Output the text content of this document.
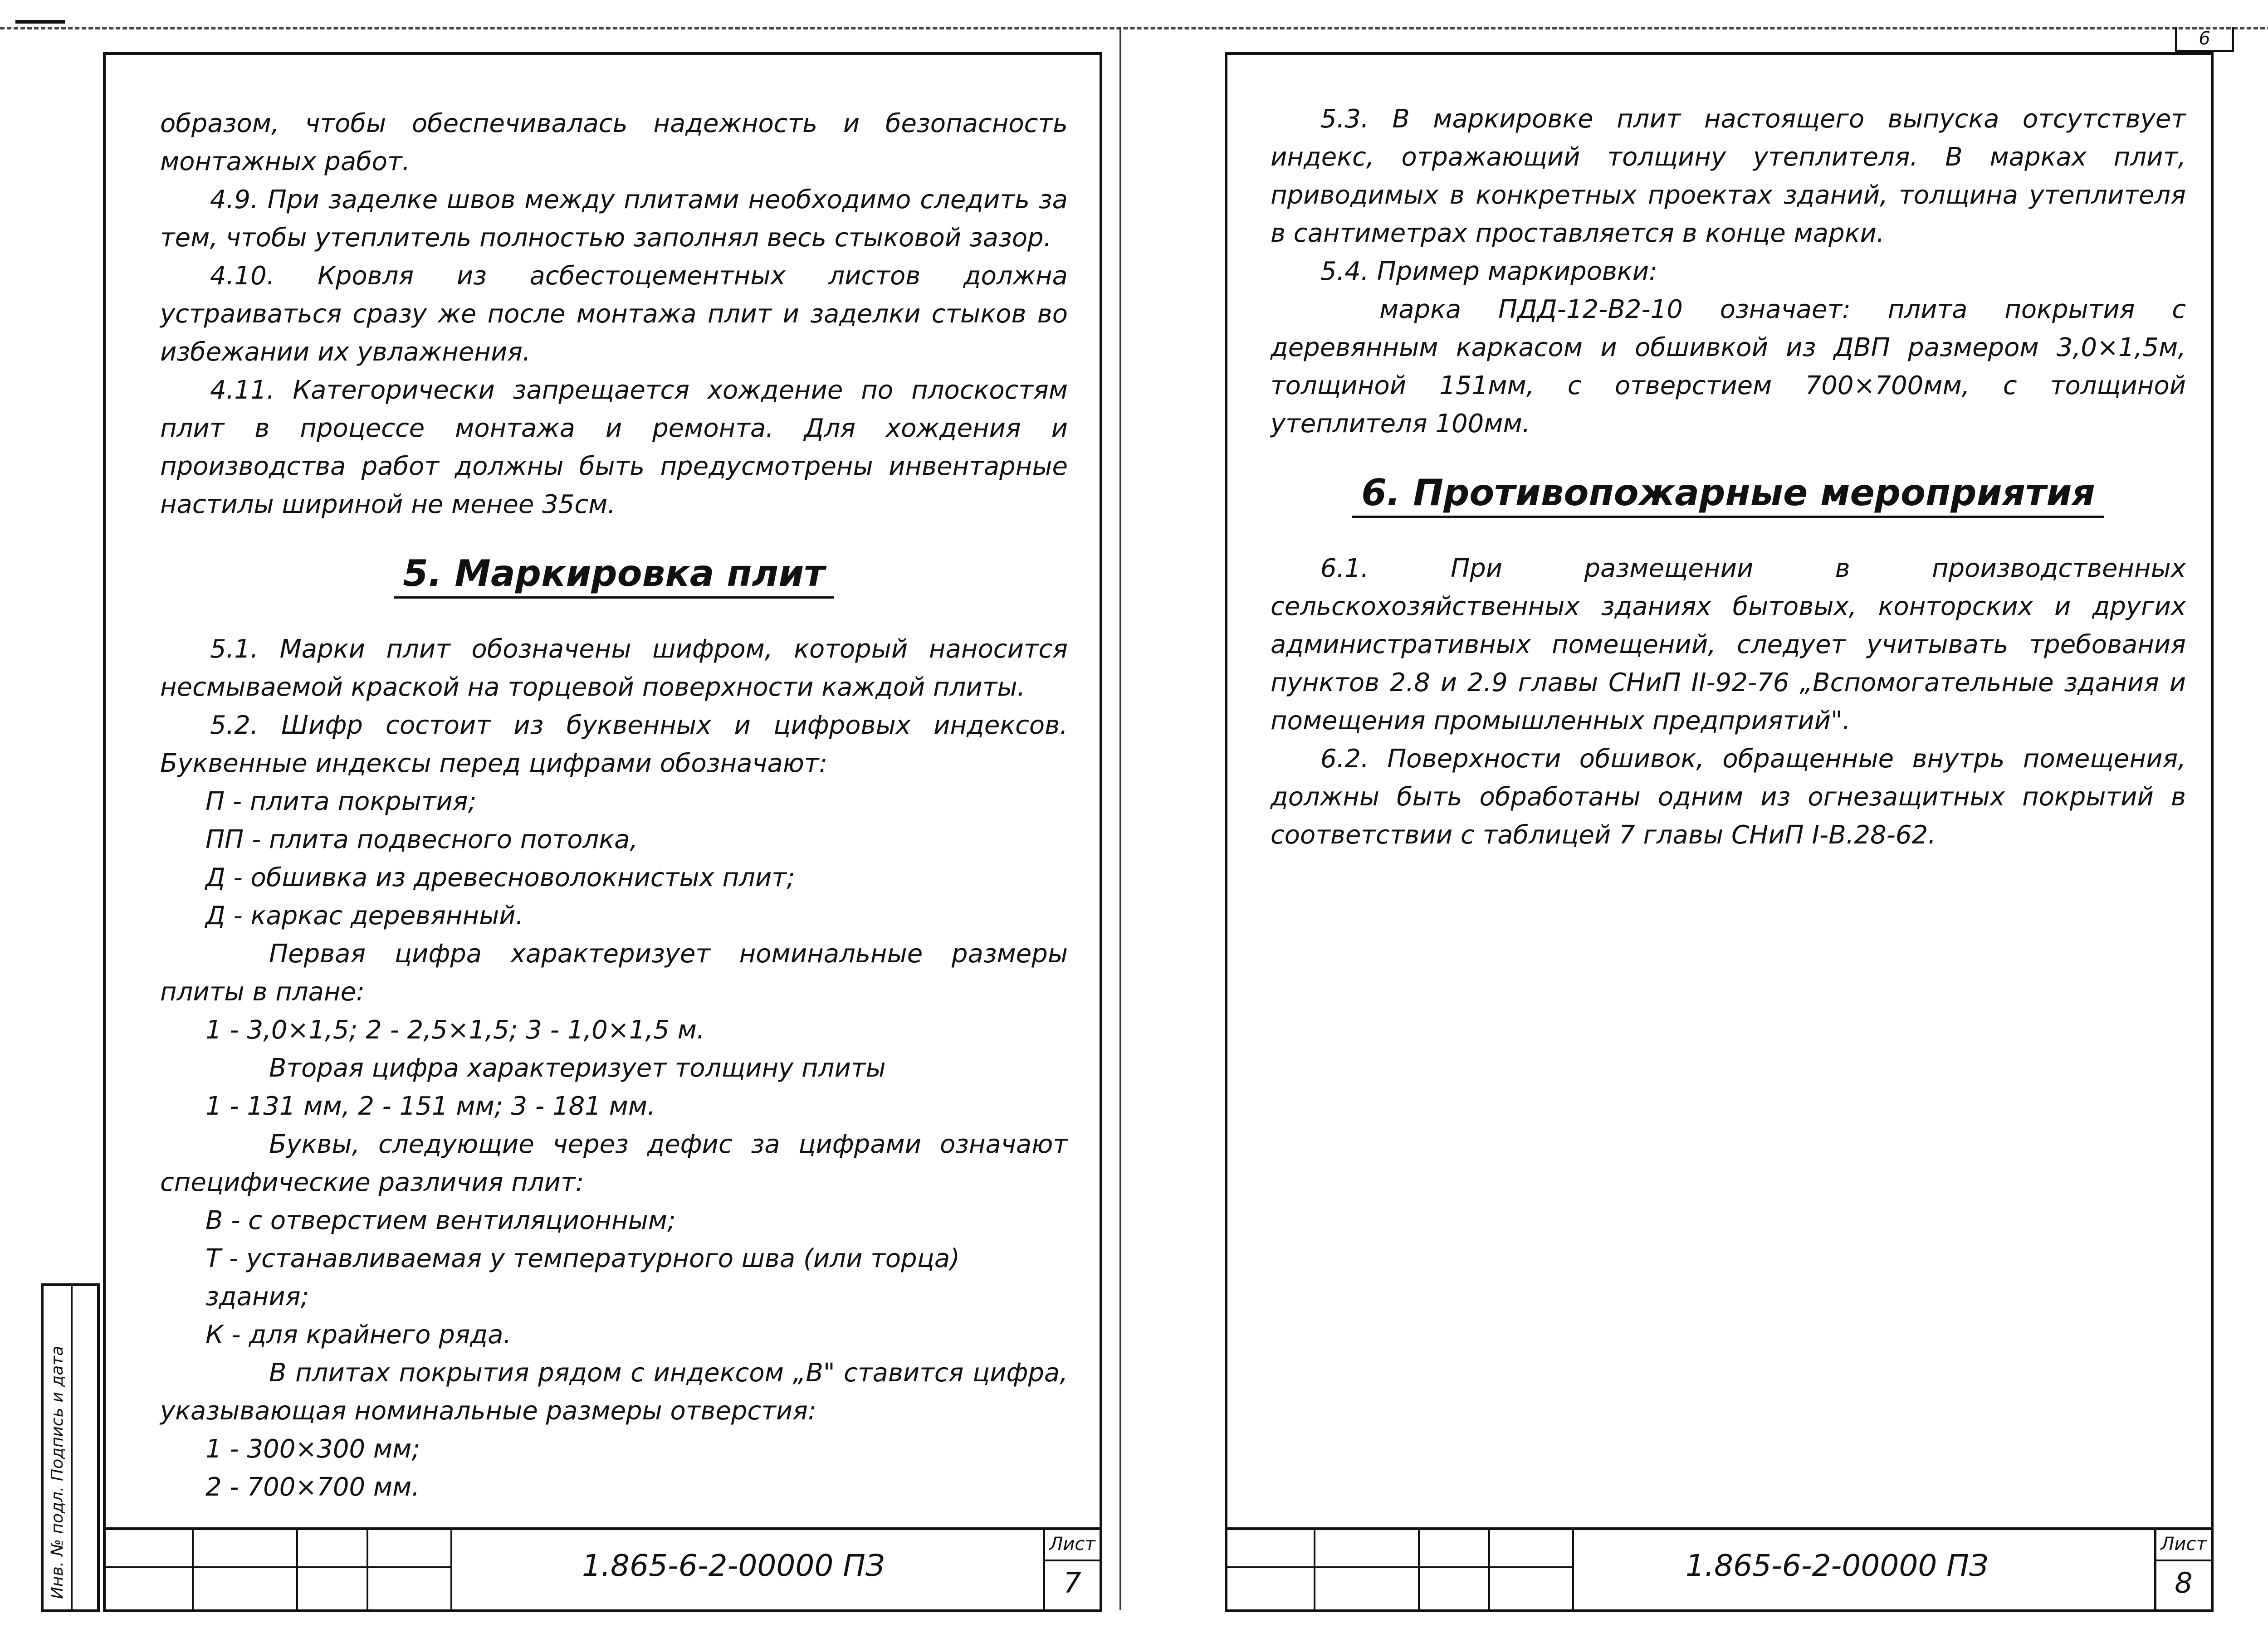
6

образом, чтобы обеспечивалась надежность и безопасность монтажных работ.

4.9. При заделке швов между плитами необходимо следить за тем, чтобы утеплитель полностью заполнял весь стыковой зазор.

4.10. Кровля из асбестоцементных листов должна устраиваться сразу же после монтажа плит и заделки стыков во избежании их увлажнения.

4.11. Категорически запрещается хождение по плоскостям плит в процессе монтажа и ремонта. Для хождения и производства работ должны быть предусмотрены инвентарные настилы шириной не менее 35см.

5. Маркировка плит

5.1. Марки плит обозначены шифром, который наносится несмываемой краской на торцевой поверхности каждой плиты.

5.2. Шифр состоит из буквенных и цифровых индексов. Буквенные индексы перед цифрами обозначают:

П - плита покрытия;

ПП - плита подвесного потолка,

Д - обшивка из древесноволокнистых плит;

Д - каркас деревянный.

Первая цифра характеризует номинальные размеры плиты в плане:

1 - 3,0×1,5; 2 - 2,5×1,5; 3 - 1,0×1,5 м.

Вторая цифра характеризует толщину плиты

1 - 131 мм, 2 - 151 мм; 3 - 181 мм.

Буквы, следующие через дефис за цифрами означают специфические различия плит:

В - с отверстием вентиляционным;

Т - устанавливаемая у температурного шва (или торца) здания;

К - для крайнего ряда.

В плитах покрытия рядом с индексом „В" ставится цифра, указывающая номинальные размеры отверстия:

1 - 300×300 мм;

2 - 700×700 мм.

1.865-6-2-00000 ПЗ
Лист
7
Инв. № подл.
Подпись и дата

5.3. В маркировке плит настоящего выпуска отсутствует индекс, отражающий толщину утеплителя. В марках плит, приводимых в конкретных проектах зданий, толщина утеплителя в сантиметрах проставляется в конце марки.

5.4. Пример маркировки:

марка ПДД-12-В2-10 означает: плита покрытия с деревянным каркасом и обшивкой из ДВП размером 3,0×1,5м, толщиной 151мм, с отверстием 700×700мм, с толщиной утеплителя 100мм.

6. Противопожарные мероприятия

6.1. При размещении в производственных сельскохозяйственных зданиях бытовых, конторских и других административных помещений, следует учитывать требования пунктов 2.8 и 2.9 главы СНиП II-92-76 „Вспомогательные здания и помещения промышленных предприятий".

6.2. Поверхности обшивок, обращенные внутрь помещения, должны быть обработаны одним из огнезащитных покрытий в соответствии с таблицей 7 главы СНиП I-В.28-62.

1.865-6-2-00000 ПЗ
Лист
8
